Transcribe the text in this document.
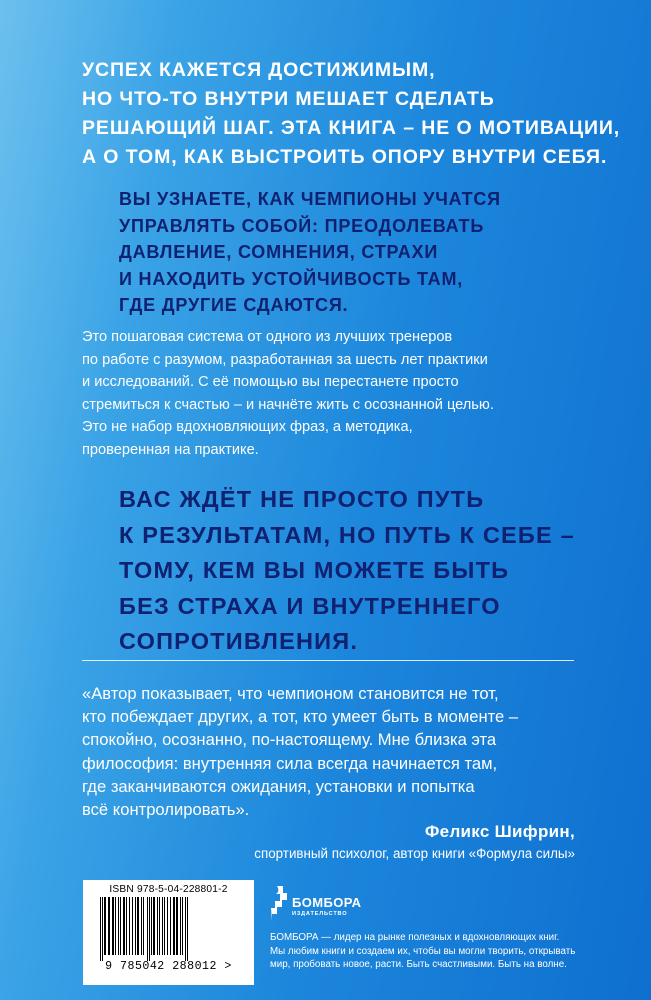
УСПЕХ КАЖЕТСЯ ДОСТИЖИМЫМ,
НО ЧТО-ТО ВНУТРИ МЕШАЕТ СДЕЛАТЬ
РЕШАЮЩИЙ ШАГ. ЭТА КНИГА – НЕ О МОТИВАЦИИ,
А О ТОМ, КАК ВЫСТРОИТЬ ОПОРУ ВНУТРИ СЕБЯ.
ВЫ УЗНАЕТЕ, КАК ЧЕМПИОНЫ УЧАТСЯ
УПРАВЛЯТЬ СОБОЙ: ПРЕОДОЛЕВАТЬ
ДАВЛЕНИЕ, СОМНЕНИЯ, СТРАХИ
И НАХОДИТЬ УСТОЙЧИВОСТЬ ТАМ,
ГДЕ ДРУГИЕ СДАЮТСЯ.
Это пошаговая система от одного из лучших тренеров
по работе с разумом, разработанная за шесть лет практики
и исследований. С её помощью вы перестанете просто
стремиться к счастью – и начнёте жить с осознанной целью.
Это не набор вдохновляющих фраз, а методика,
проверенная на практике.
ВАС ЖДЁТ НЕ ПРОСТО ПУТЬ
К РЕЗУЛЬТАТАМ, НО ПУТЬ К СЕБЕ –
ТОМУ, КЕМ ВЫ МОЖЕТЕ БЫТЬ
БЕЗ СТРАХА И ВНУТРЕННЕГО
СОПРОТИВЛЕНИЯ.
«Автор показывает, что чемпионом становится не тот,
кто побеждает других, а тот, кто умеет быть в моменте –
спокойно, осознанно, по-настоящему. Мне близка эта
философия: внутренняя сила всегда начинается там,
где заканчиваются ожидания, установки и попытка
всё контролировать».
Феликс Шифрин,
спортивный психолог, автор книги «Формула силы»
ISBN 978-5-04-228801-2
9 785042 288012 >
БОМБОРА
ИЗДАТЕЛЬСТВО
БОМБОРА — лидер на рынке полезных и вдохновляющих книг.
Мы любим книги и создаем их, чтобы вы могли творить, открывать
мир, пробовать новое, расти. Быть счастливыми. Быть на волне.
